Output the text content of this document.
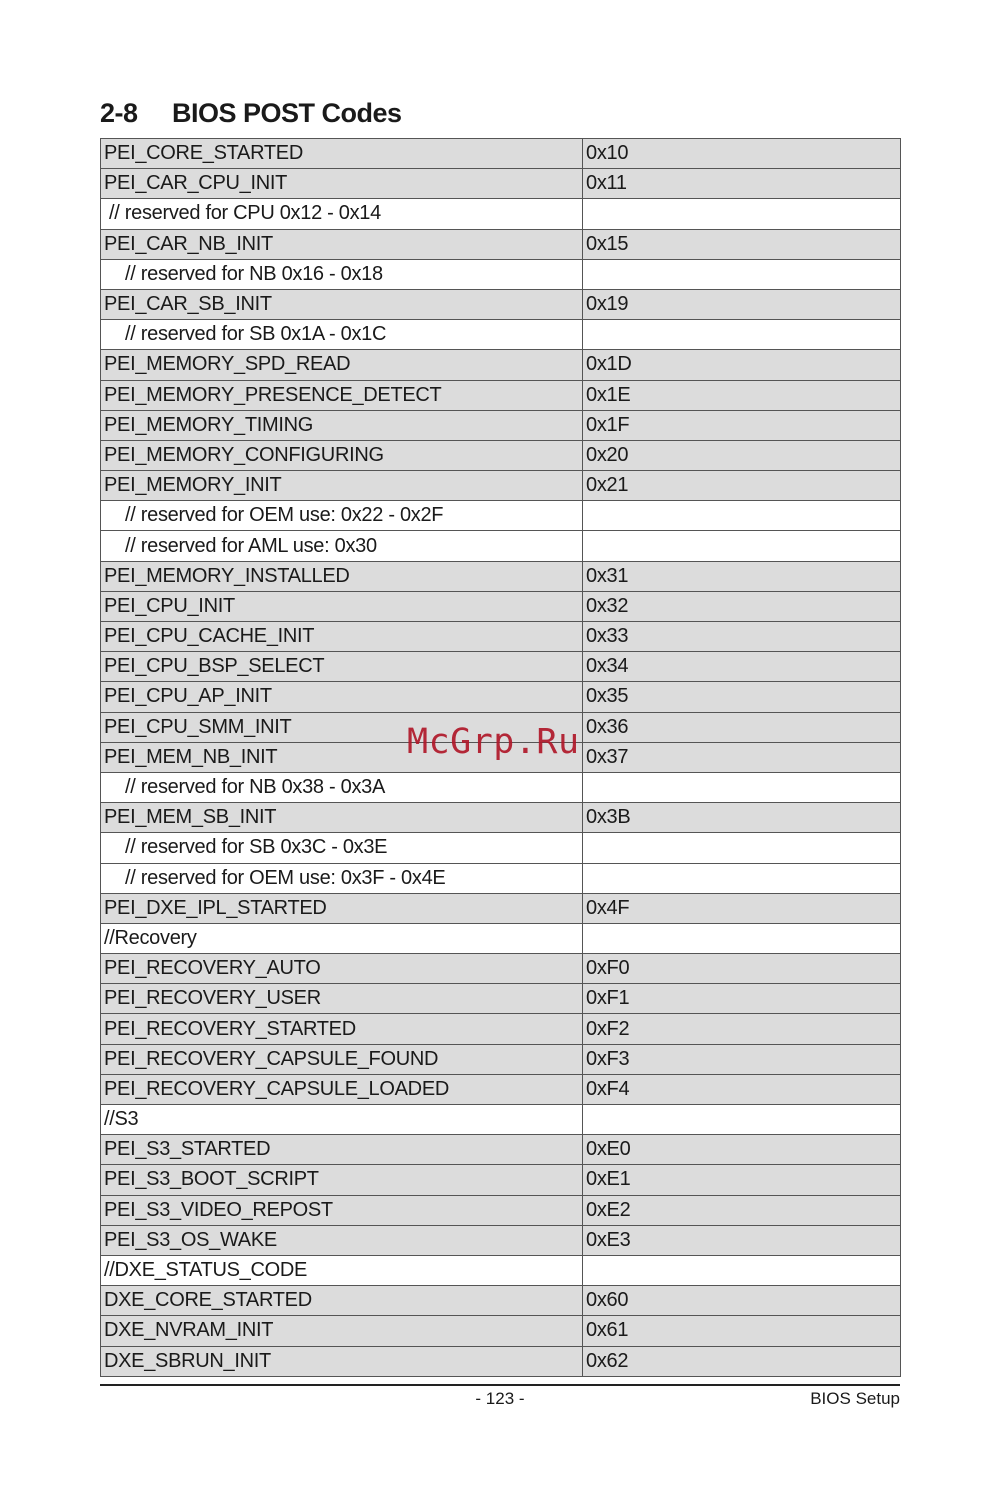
2-8 BIOS POST Codes
PEI_CORE_STARTED	0x10
PEI_CAR_CPU_INIT	0x11
// reserved for CPU 0x12 - 0x14	
PEI_CAR_NB_INIT	0x15
// reserved for NB 0x16 - 0x18	
PEI_CAR_SB_INIT	0x19
// reserved for SB 0x1A - 0x1C	
PEI_MEMORY_SPD_READ	0x1D
PEI_MEMORY_PRESENCE_DETECT	0x1E
PEI_MEMORY_TIMING	0x1F
PEI_MEMORY_CONFIGURING	0x20
PEI_MEMORY_INIT	0x21
// reserved for OEM use: 0x22 - 0x2F	
// reserved for AML use: 0x30	
PEI_MEMORY_INSTALLED	0x31
PEI_CPU_INIT	0x32
PEI_CPU_CACHE_INIT	0x33
PEI_CPU_BSP_SELECT	0x34
PEI_CPU_AP_INIT	0x35
PEI_CPU_SMM_INIT	0x36
PEI_MEM_NB_INIT	0x37
// reserved for NB 0x38 - 0x3A	
PEI_MEM_SB_INIT	0x3B
// reserved for SB 0x3C - 0x3E	
// reserved for OEM use: 0x3F - 0x4E	
PEI_DXE_IPL_STARTED	0x4F
//Recovery	
PEI_RECOVERY_AUTO	0xF0
PEI_RECOVERY_USER	0xF1
PEI_RECOVERY_STARTED	0xF2
PEI_RECOVERY_CAPSULE_FOUND	0xF3
PEI_RECOVERY_CAPSULE_LOADED	0xF4
//S3	
PEI_S3_STARTED	0xE0
PEI_S3_BOOT_SCRIPT	0xE1
PEI_S3_VIDEO_REPOST	0xE2
PEI_S3_OS_WAKE	0xE3
//DXE_STATUS_CODE	
DXE_CORE_STARTED	0x60
DXE_NVRAM_INIT	0x61
DXE_SBRUN_INIT	0x62
McGrp.Ru
- 123 -	BIOS Setup
